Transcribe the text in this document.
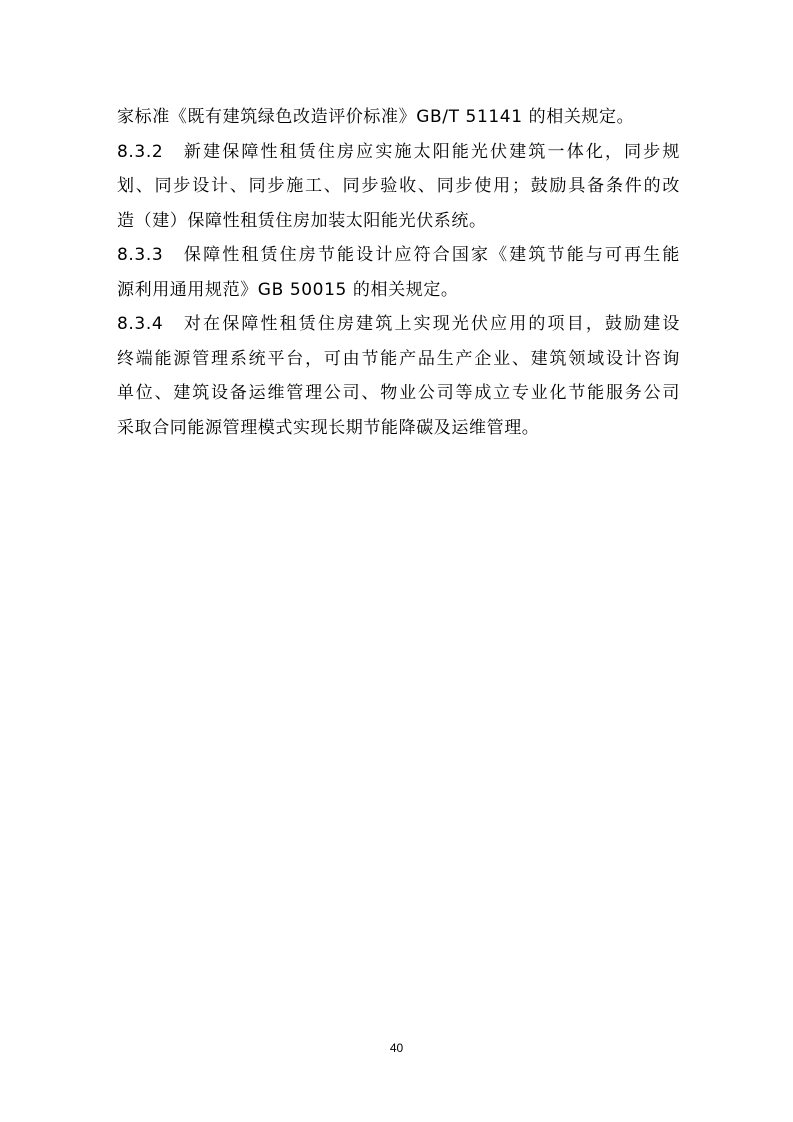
家标准《既有建筑绿色改造评价标准》GB/T 51141 的相关规定。
8.3.2　新建保障性租赁住房应实施太阳能光伏建筑一体化，同步规
划、同步设计、同步施工、同步验收、同步使用；鼓励具备条件的改
造（建）保障性租赁住房加装太阳能光伏系统。
8.3.3　保障性租赁住房节能设计应符合国家《建筑节能与可再生能
源利用通用规范》GB 50015 的相关规定。
8.3.4　对在保障性租赁住房建筑上实现光伏应用的项目，鼓励建设
终端能源管理系统平台，可由节能产品生产企业、建筑领域设计咨询
单位、建筑设备运维管理公司、物业公司等成立专业化节能服务公司
采取合同能源管理模式实现长期节能降碳及运维管理。
40
